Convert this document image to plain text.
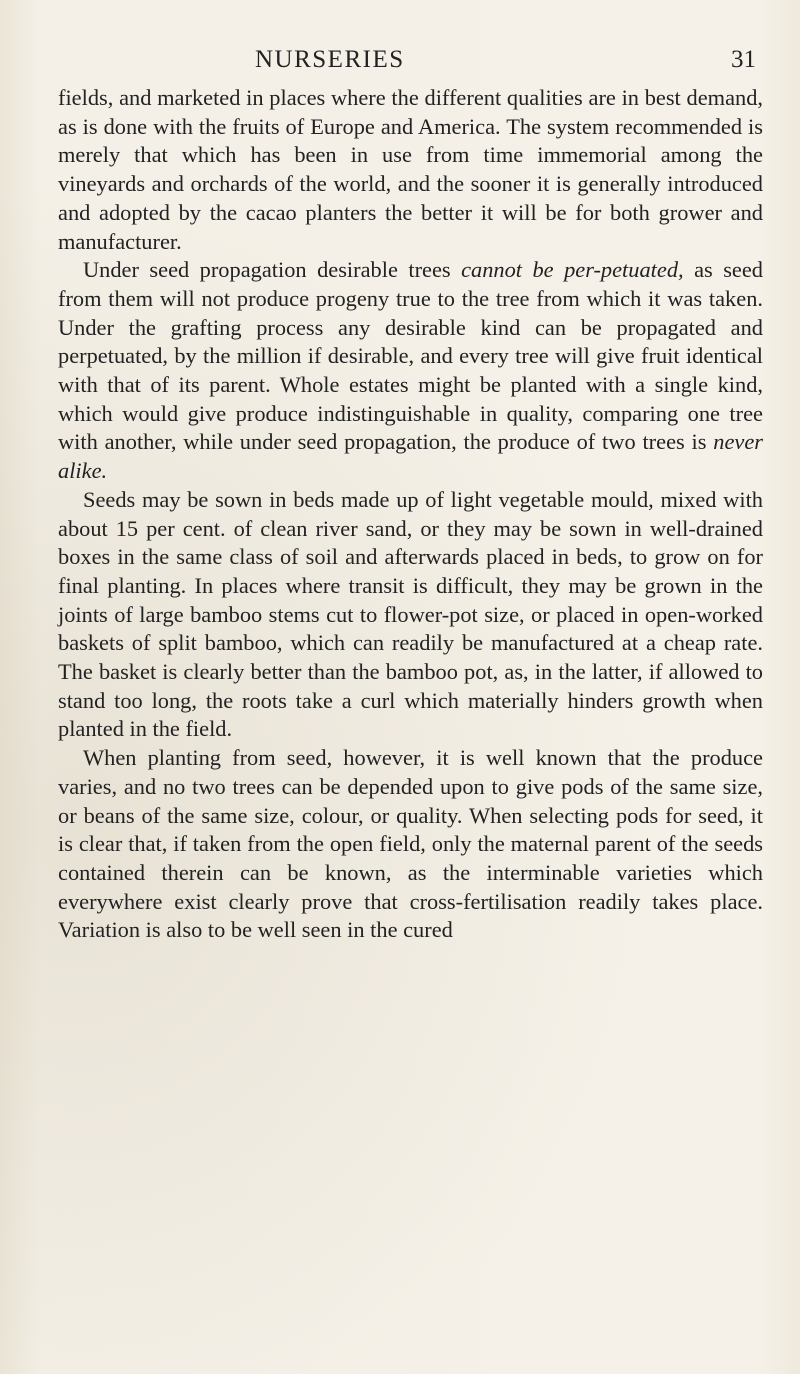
NURSERIES	31

fields, and marketed in places where the different qualities are in best demand, as is done with the fruits of Europe and America. The system recommended is merely that which has been in use from time immemorial among the vineyards and orchards of the world, and the sooner it is generally introduced and adopted by the cacao planters the better it will be for both grower and manufacturer.

Under seed propagation desirable trees cannot be per-petuated, as seed from them will not produce progeny true to the tree from which it was taken. Under the grafting process any desirable kind can be propagated and perpetuated, by the million if desirable, and every tree will give fruit identical with that of its parent. Whole estates might be planted with a single kind, which would give produce indistinguishable in quality, comparing one tree with another, while under seed propagation, the produce of two trees is never alike.

Seeds may be sown in beds made up of light vegetable mould, mixed with about 15 per cent. of clean river sand, or they may be sown in well-drained boxes in the same class of soil and afterwards placed in beds, to grow on for final planting. In places where transit is difficult, they may be grown in the joints of large bamboo stems cut to flower-pot size, or placed in open-worked baskets of split bamboo, which can readily be manufactured at a cheap rate. The basket is clearly better than the bamboo pot, as, in the latter, if allowed to stand too long, the roots take a curl which materially hinders growth when planted in the field.

When planting from seed, however, it is well known that the produce varies, and no two trees can be depended upon to give pods of the same size, or beans of the same size, colour, or quality. When selecting pods for seed, it is clear that, if taken from the open field, only the maternal parent of the seeds contained therein can be known, as the interminable varieties which everywhere exist clearly prove that cross-fertilisation readily takes place. Variation is also to be well seen in the cured
